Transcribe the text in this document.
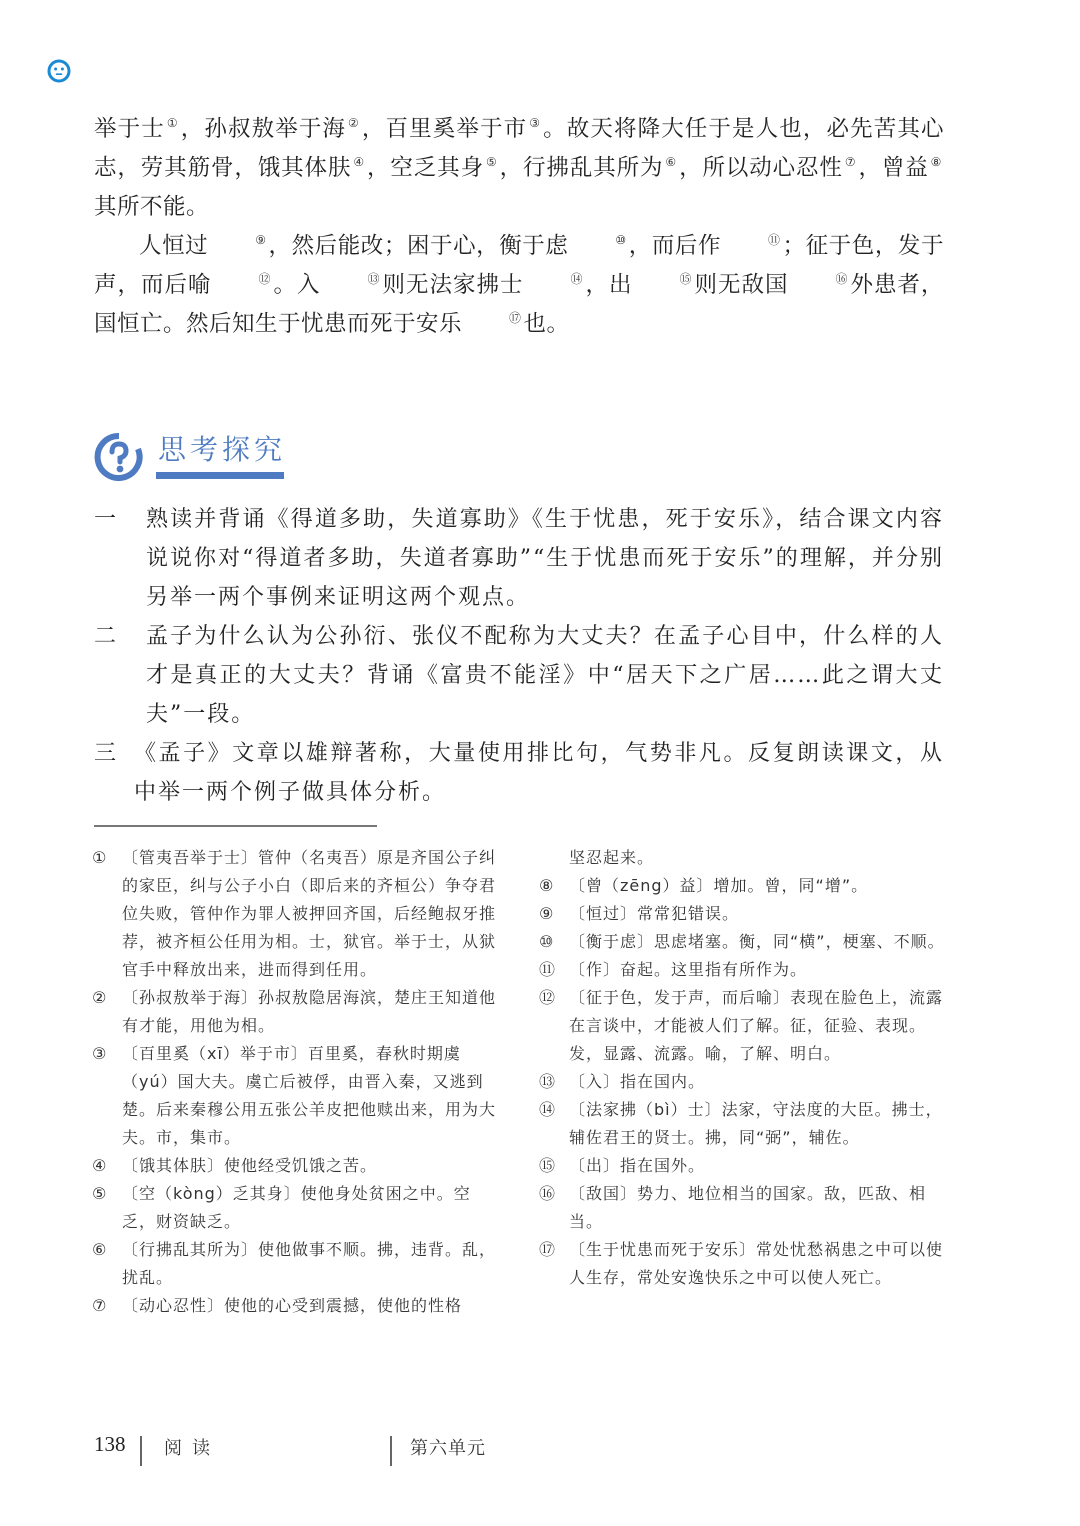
举于士 ①，孙叔敖举于海 ②，百里奚举于市 ③。故天将降大任于是人也，必先苦其心志，劳其筋骨，饿其体肤 ④，空乏其身 ⑤，行拂乱其所为 ⑥，所以动心忍性 ⑦，曾益 ⑧其所不能。

人恒过	⑨，然后能改；困于心，衡于虑	⑩，而后作	⑪；征于色，发于声，而后喻	⑫。入	⑬则无法家拂士	⑭，出	⑮则无敌国	⑯外患者，国恒亡。然后知生于忧患而死于安乐	⑰也。

思考探究
一	熟读并背诵《得道多助，失道寡助》《生于忧患，死于安乐》，结合课文内容说说你对“得道者多助，失道者寡助”“生于忧患而死于安乐”的理解，并分别另举一两个事例来证明这两个观点。
二	孟子为什么认为公孙衍、张仪不配称为大丈夫？在孟子心目中，什么样的人才是真正的大丈夫？背诵《富贵不能淫》中“居天下之广居……此之谓大丈夫”一段。
三 《孟子》文章以雄辩著称，大量使用排比句，气势非凡。反复朗读课文，从中举一两个例子做具体分析。

① 〔管夷吾举于士〕管仲（名夷吾）原是齐国公子纠的家臣，纠与公子小白（即后来的齐桓公）争夺君位失败，管仲作为罪人被押回齐国，后经鲍叔牙推荐，被齐桓公任用为相。士，狱官。举于士，从狱官手中释放出来，进而得到任用。

② 〔孙叔敖举于海〕孙叔敖隐居海滨，楚庄王知道他有才能，用他为相。

③ 〔百里奚（xī）举于市〕百里奚，春秋时期虞（yú）国大夫。虞亡后被俘，由晋入秦，又逃到楚。后来秦穆公用五张公羊皮把他赎出来，用为大夫。市，集市。

④ 〔饿其体肤〕使他经受饥饿之苦。

⑤ 〔空（kòng）乏其身〕使他身处贫困之中。空乏，财资缺乏。

⑥ 〔行拂乱其所为〕使他做事不顺。拂，违背。乱，扰乱。

⑦ 〔动心忍性〕使他的心受到震撼，使他的性格

坚忍起来。

⑧ 〔曾（zēng）益〕增加。曾，同“增”。

⑨ 〔恒过〕常常犯错误。

⑩ 〔衡于虑〕思虑堵塞。衡，同“横”，梗塞、不顺。

⑪ 〔作〕奋起。这里指有所作为。

⑫ 〔征于色，发于声，而后喻〕表现在脸色上，流露在言谈中，才能被人们了解。征，征验、表现。发，显露、流露。喻，了解、明白。

⑬ 〔入〕指在国内。

⑭ 〔法家拂（bì）士〕法家，守法度的大臣。拂士，辅佐君王的贤士。拂，同“弼”，辅佐。

⑮ 〔出〕指在国外。

⑯ 〔敌国〕势力、地位相当的国家。敌，匹敌、相当。

⑰ 〔生于忧患而死于安乐〕常处忧愁祸患之中可以使人生存，常处安逸快乐之中可以使人死亡。

138 阅读	第六单元
